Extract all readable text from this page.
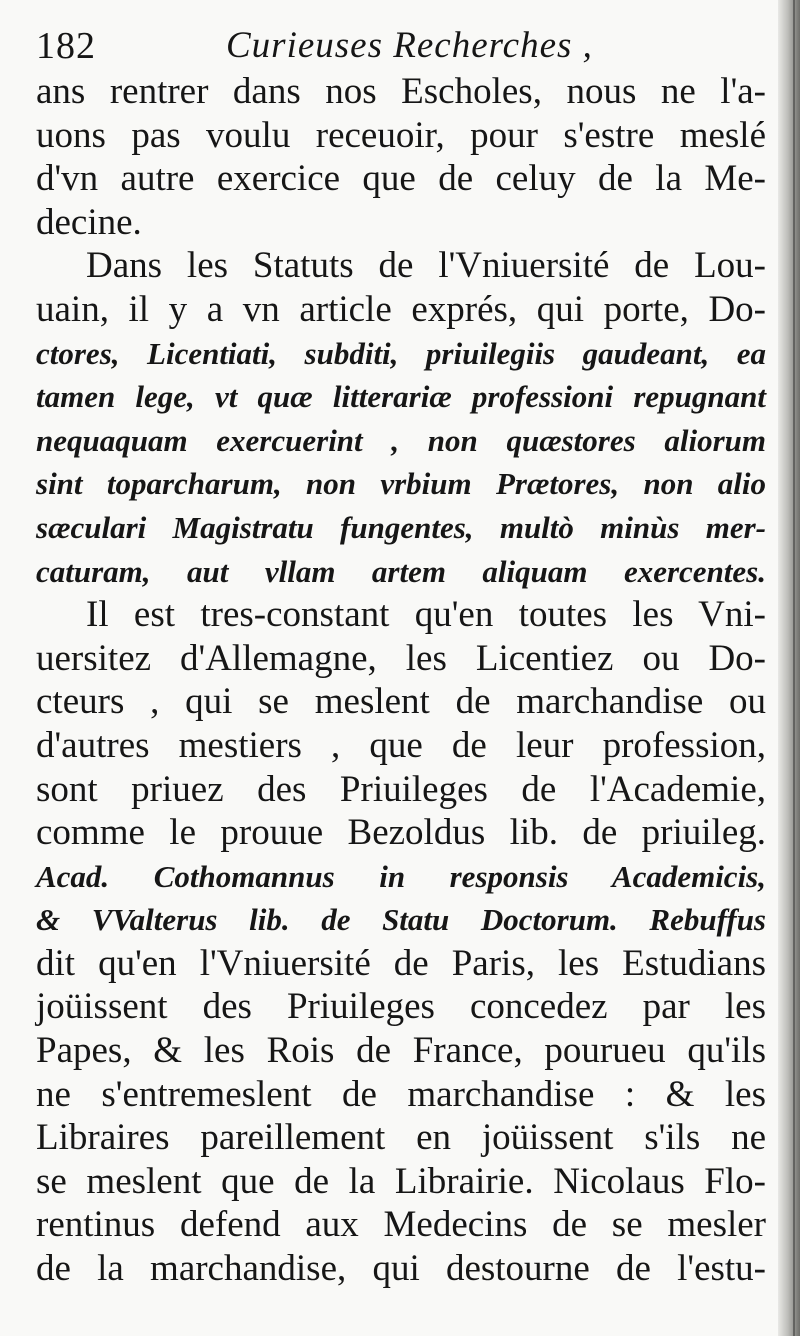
182	Curieuses Recherches ,
ans rentrer dans nos Escholes, nous ne l'a-
uons pas voulu receuoir, pour s'estre meslé
d'vn autre exercice que de celuy de la Me-
decine.
Dans les Statuts de l'Vniuersité de Lou-
uain, il y a vn article exprés, qui porte, Do-
ctores, Licentiati, subditi, priuilegiis gaudeant, ea
tamen lege, vt quæ litterariæ professioni repugnant
nequaquam exercuerint , non quæstores aliorum
sint toparcharum, non vrbium Prætores, non alio
sæculari Magistratu fungentes, multò minùs mer-
caturam, aut vllam artem aliquam exercentes.
Il est tres-constant qu'en toutes les Vni-
uersitez d'Allemagne, les Licentiez ou Do-
cteurs , qui se meslent de marchandise ou
d'autres mestiers , que de leur profession,
sont priuez des Priuileges de l'Academie,
comme le prouue Bezoldus lib. de priuileg.
Acad. Cothomannus in responsis Academicis,
& VValterus lib. de Statu Doctorum. Rebuffus
dit qu'en l'Vniuersité de Paris, les Estudians
joüissent des Priuileges concedez par les
Papes, & les Rois de France, pourueu qu'ils
ne s'entremeslent de marchandise : & les
Libraires pareillement en joüissent s'ils ne
se meslent que de la Librairie. Nicolaus Flo-
rentinus defend aux Medecins de se mesler
de la marchandise, qui destourne de l'estu-
